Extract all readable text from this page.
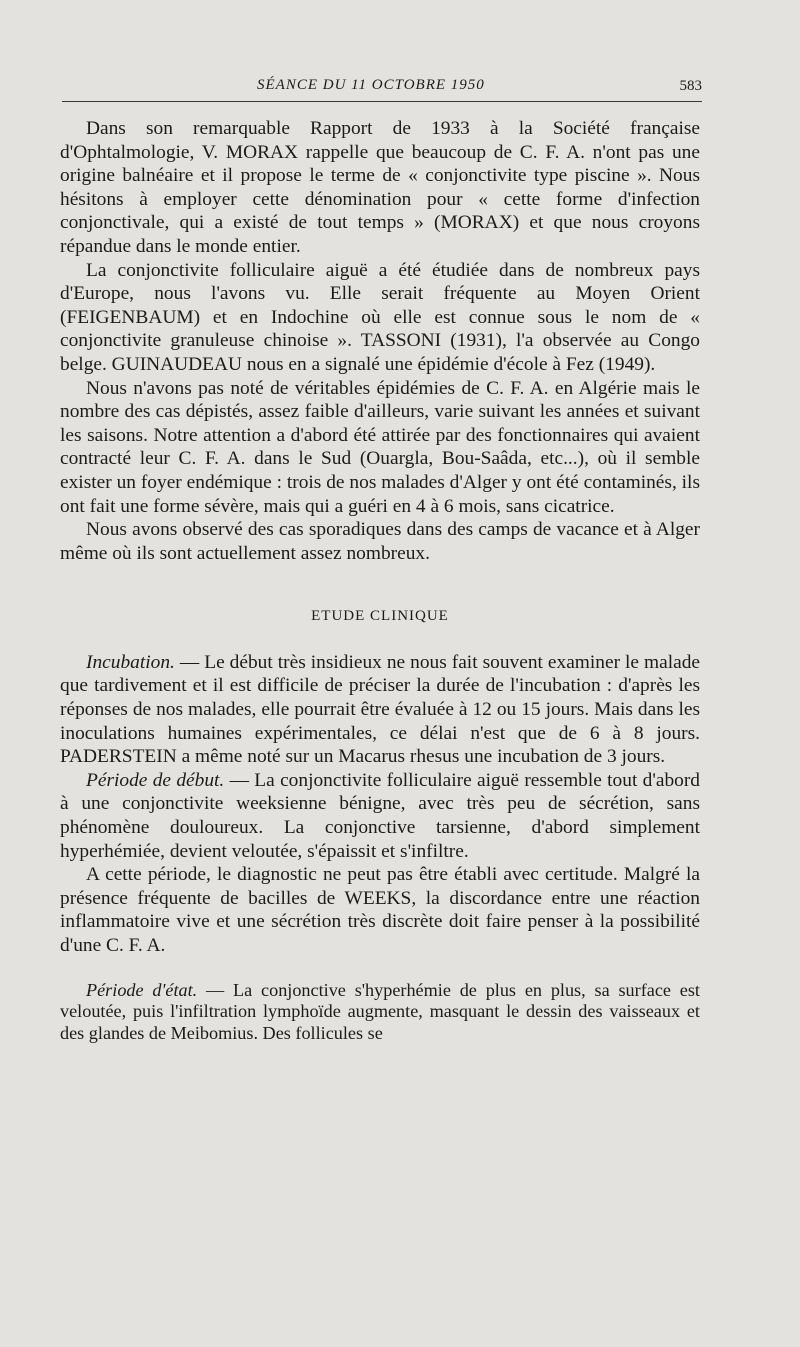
SÉANCE DU 11 OCTOBRE 1950	583

Dans son remarquable Rapport de 1933 à la Société française d'Ophtalmologie, V. MORAX rappelle que beaucoup de C. F. A. n'ont pas une origine balnéaire et il propose le terme de « conjonctivite type piscine ». Nous hésitons à employer cette dénomination pour « cette forme d'infection conjonctivale, qui a existé de tout temps » (MORAX) et que nous croyons répandue dans le monde entier.

La conjonctivite folliculaire aiguë a été étudiée dans de nombreux pays d'Europe, nous l'avons vu. Elle serait fréquente au Moyen Orient (FEIGENBAUM) et en Indochine où elle est connue sous le nom de « conjonctivite granuleuse chinoise ». TASSONI (1931), l'a observée au Congo belge. GUINAUDEAU nous en a signalé une épidémie d'école à Fez (1949).

Nous n'avons pas noté de véritables épidémies de C. F. A. en Algérie mais le nombre des cas dépistés, assez faible d'ailleurs, varie suivant les années et suivant les saisons. Notre attention a d'abord été attirée par des fonctionnaires qui avaient contracté leur C. F. A. dans le Sud (Ouargla, Bou-Saâda, etc...), où il semble exister un foyer endémique : trois de nos malades d'Alger y ont été contaminés, ils ont fait une forme sévère, mais qui a guéri en 4 à 6 mois, sans cicatrice.

Nous avons observé des cas sporadiques dans des camps de vacance et à Alger même où ils sont actuellement assez nombreux.

ETUDE CLINIQUE

Incubation. — Le début très insidieux ne nous fait souvent examiner le malade que tardivement et il est difficile de préciser la durée de l'incubation : d'après les réponses de nos malades, elle pourrait être évaluée à 12 ou 15 jours. Mais dans les inoculations humaines expérimentales, ce délai n'est que de 6 à 8 jours. PADERSTEIN a même noté sur un Macarus rhesus une incubation de 3 jours.

Période de début. — La conjonctivite folliculaire aiguë ressemble tout d'abord à une conjonctivite weeksienne bénigne, avec très peu de sécrétion, sans phénomène douloureux. La conjonctive tarsienne, d'abord simplement hyperhémiée, devient veloutée, s'épaissit et s'infiltre.

A cette période, le diagnostic ne peut pas être établi avec certitude. Malgré la présence fréquente de bacilles de WEEKS, la discordance entre une réaction inflammatoire vive et une sécrétion très discrète doit faire penser à la possibilité d'une C. F. A.

Période d'état. — La conjonctive s'hyperhémie de plus en plus, sa surface est veloutée, puis l'infiltration lymphoïde augmente, masquant le dessin des vaisseaux et des glandes de Meibomius. Des follicules se
